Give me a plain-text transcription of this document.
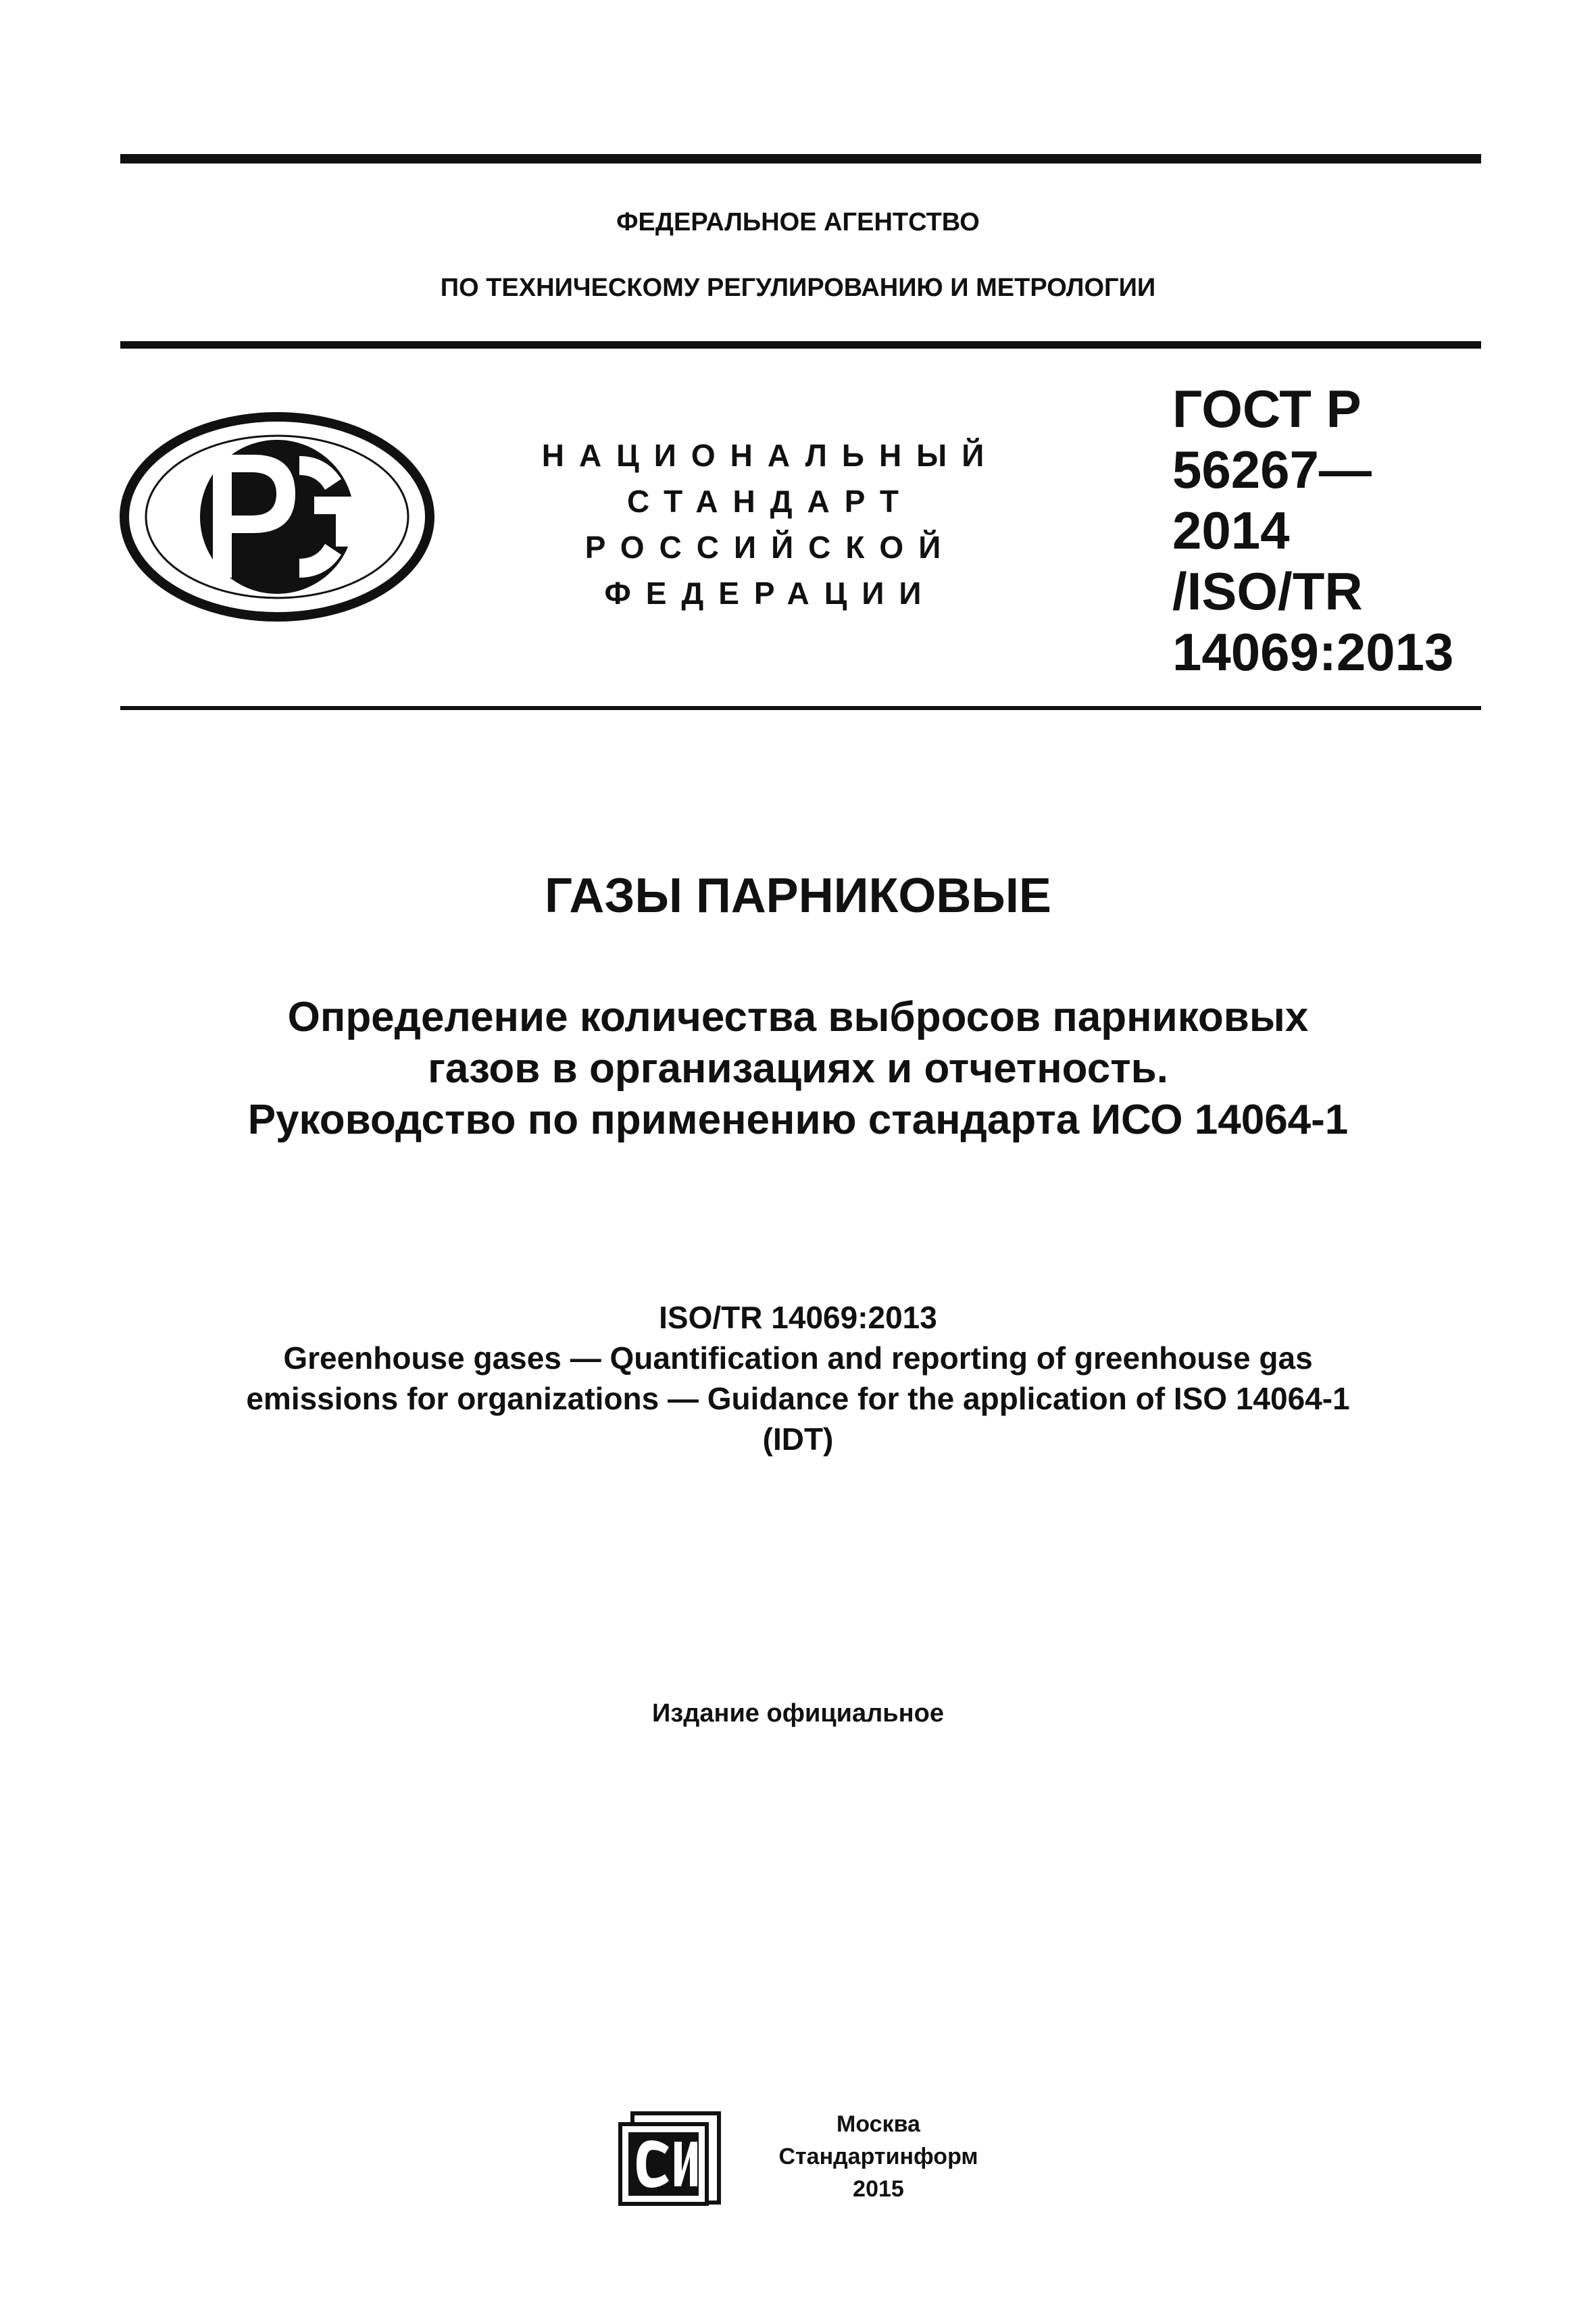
ФЕДЕРАЛЬНОЕ АГЕНТСТВО
ПО ТЕХНИЧЕСКОМУ РЕГУЛИРОВАНИЮ И МЕТРОЛОГИИ
НАЦИОНАЛЬНЫЙ
СТАНДАРТ
РОССИЙСКОЙ
ФЕДЕРАЦИИ
ГОСТ Р
56267—
2014
/ISO/TR
14069:2013
ГАЗЫ ПАРНИКОВЫЕ
Определение количества выбросов парниковых
газов в организациях и отчетность.
Руководство по применению стандарта ИСО 14064-1
ISO/TR 14069:2013
Greenhouse gases — Quantification and reporting of greenhouse gas
emissions for organizations — Guidance for the application of ISO 14064-1
(IDT)
Издание официальное
Москва
Стандартинформ
2015
